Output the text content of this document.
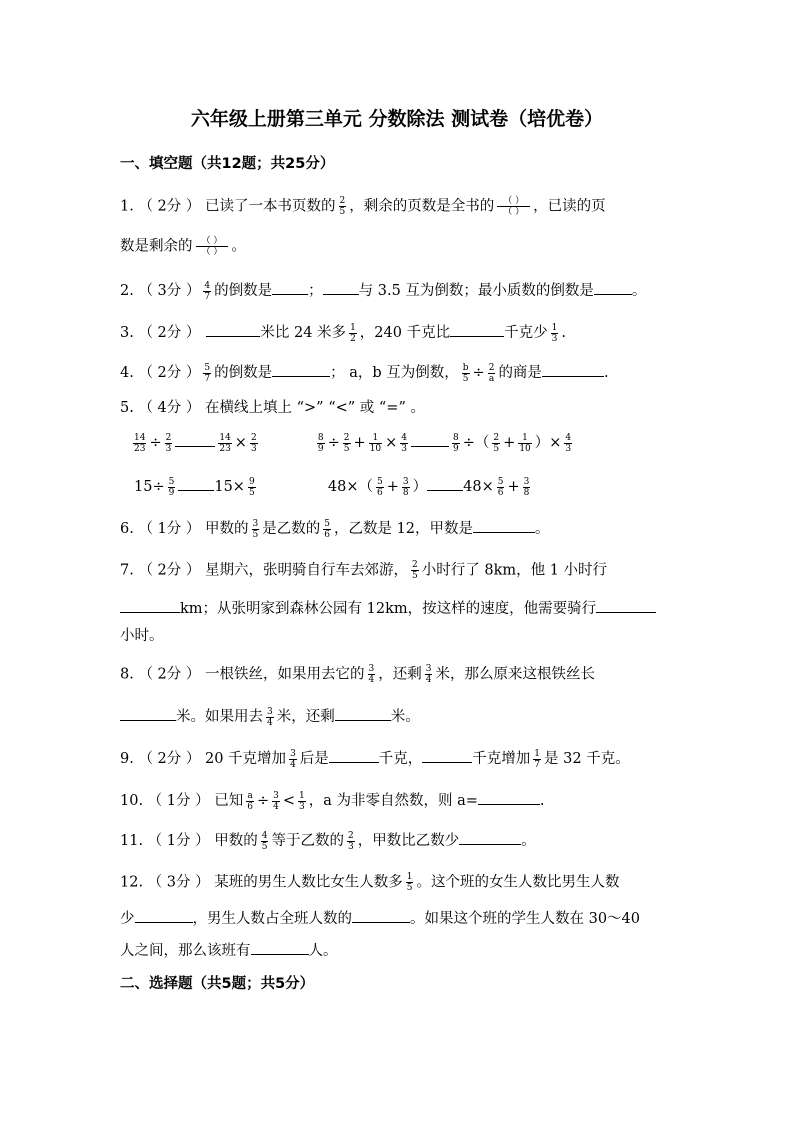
六年级上册第三单元 分数除法 测试卷（培优卷）
一、填空题（共12题；共25分）
1. （ 2分 ） 已读了一本书页数的 $\frac{2}{5}$ ，剩余的页数是全书的 $\frac{( )}{( )}$ ，已读的页
数是剩余的 $\frac{( )}{( )}$ 。
2. （ 3分 ） $\frac{4}{7}$ 的倒数是 ； 与 3.5 互为倒数；最小质数的倒数是	。
3. （ 2分 ）	米比 24 米多 $\frac{1}{2}$ ，240 千克比	千克少 $\frac{1}{3}$ .
4. （ 2分 ） $\frac{5}{7}$ 的倒数是	； a，b 互为倒数， $\frac{b}{5} \div \frac{2}{a}$ 的商是	.
5. （ 4分 ） 在横线上填上 “>” “<” 或 “=” 。
$\frac{14}{23} \div \frac{2}{3}$	$\frac{14}{23} \times \frac{2}{3}$
	$\frac{8}{9} \div \frac{2}{5} + \frac{1}{10} \times \frac{4}{3}$	$\frac{8}{9}$ ÷（ $\frac{2}{5} + \frac{1}{10}$ ）× $\frac{4}{3}$
$15\div \frac{5}{9}$	$15\times \frac{9}{5}$	$48\times( \frac{5}{6} + \frac{3}{8}$ ） $48\times \frac{5}{6} + \frac{3}{8}$
6. （ 1分 ） 甲数的 $\frac{3}{5}$ 是乙数的 $\frac{5}{6}$ ，乙数是 12，甲数是	。
7. （ 2分 ） 星期六，张明骑自行车去郊游， $\frac{2}{5}$ 小时行了 8km，他 1 小时行
km；从张明家到森林公园有 12km，按这样的速度，他需要骑行
小时。
8. （ 2分 ） 一根铁丝，如果用去它的 $\frac{3}{4}$ ，还剩 $\frac{3}{4}$ 米，那么原来这根铁丝长
米。如果用去 $\frac{3}{4}$ 米，还剩	米。
9. （ 2分 ） 20 千克增加 $\frac{3}{4}$ 后是	千克，	千克增加 $\frac{1}{7}$ 是 32 千克。
10. （ 1分 ） 已知 $\frac{a}{6} \div \frac{3}{4} < \frac{1}{3}$ ，a 为非零自然数，则 a=	.
11. （ 1分 ） 甲数的 $\frac{4}{5}$ 等于乙数的 $\frac{2}{3}$ ，甲数比乙数少	。
12. （ 3分 ） 某班的男生人数比女生人数多 $\frac{1}{5}$ 。这个班的女生人数比男生人数
少	，男生人数占全班人数的	。如果这个班的学生人数在 30～40
人之间，那么该班有	人。
二、选择题（共5题；共5分）
